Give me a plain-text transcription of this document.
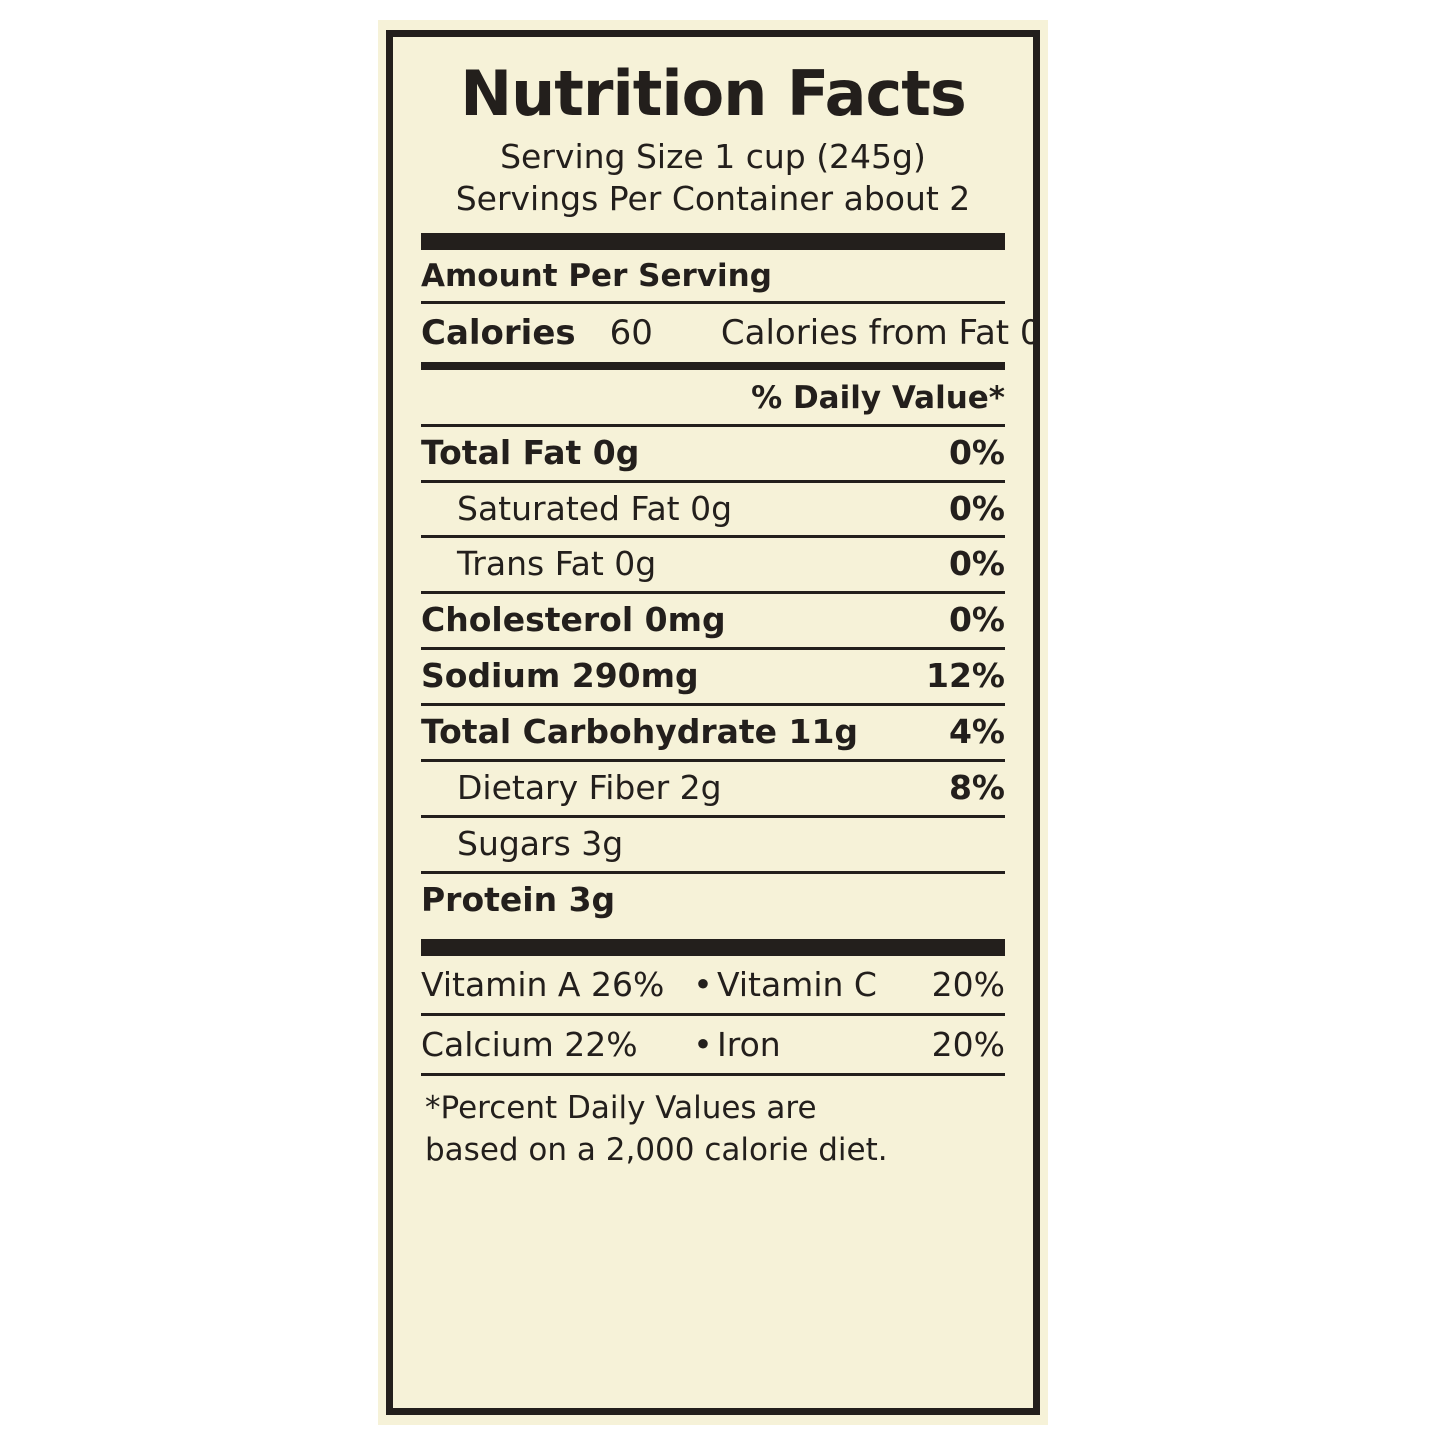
Nutrition Facts
Serving Size 1 cup (245g)
Servings Per Container about 2
Amount Per Serving
Calories 60 Calories from Fat 0
% Daily Value*
Total Fat 0g	0%
Saturated Fat 0g	0%
Trans Fat 0g	0%
Cholesterol 0mg	0%
Sodium 290mg	12%
Total Carbohydrate 11g	4%
Dietary Fiber 2g	8%
Sugars 3g
Protein 3g
Vitamin A 26% • Vitamin C 20%
Calcium 22%	• Iron	20%
*Percent Daily Values are
based on a 2,000 calorie diet.
